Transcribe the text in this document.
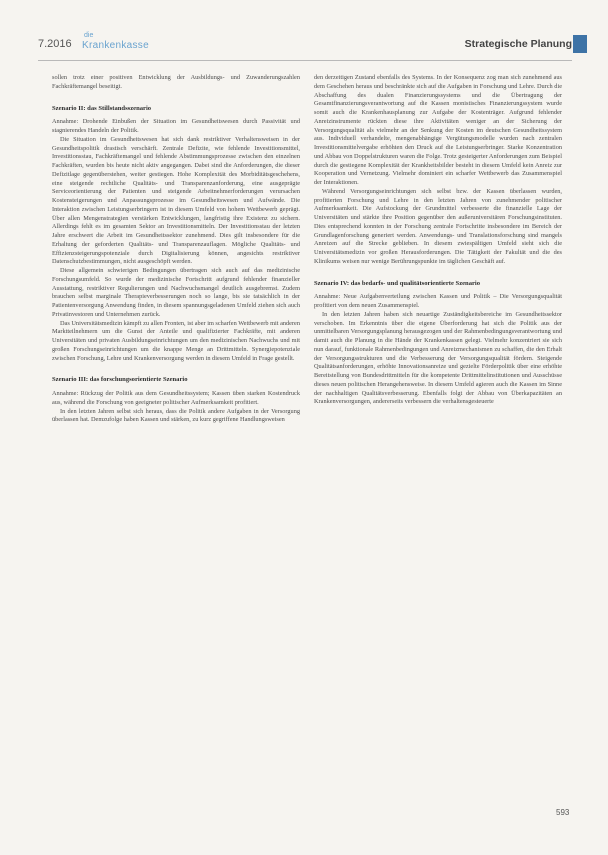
7.2016
die
Krankenkasse	Strategische Planung

sollen trotz einer positiven Entwicklung der Ausbildungs- und Zuwanderungszahlen Fachkräftemangel beseitigt.

Szenario II: das Stillstandsszenario

Annahme: Drohende Einbußen der Situation im Gesundheitswesen durch Passivität und stagnierendes Handeln der Politik.

Die Situation im Gesundheitswesen hat sich dank restriktiver Verhaltensweisen in der Gesundheitspolitik drastisch verschärft. Zentrale Defizite, wie fehlende Investitionsmittel, Investitionsstau, Fachkräftemangel und fehlende Abstimmungsprozesse zwischen den einzelnen Fachkräften, wurden bis heute nicht aktiv angegangen. Dabei sind die Anforderungen, die dieser Defizitlage gegenüberstehen, weiter gestiegen. Hohe Komplexität des Morbiditätsgeschehens, eine steigende rechtliche Qualitäts- und Transparenzanforderung, eine ausgeprägte Serviceorientierung der Patienten und steigende Arbeitnehmerforderungen verursachen Kostensteigerungen und Anpassungsprozesse im Gesundheitswesen und Aufwände. Die Interaktion zwischen Leistungserbringern ist in diesem Umfeld von hohem Wettbewerb geprägt. Über allen Mengenstrategien verstärken Entwicklungen, langfristig ihre Existenz zu sichern. Allerdings fehlt es im gesamten Sektor an Investitionsmitteln. Der Investitionsstau der letzten Jahre erschwert die Arbeit im Gesundheitssektor zunehmend. Dies gilt insbesondere für die Erhaltung der geforderten Qualitäts- und Transparenzauflagen. Mögliche Qualitäts- und Effizienzsteigerungspotenziale durch Digitalisierung können, angesichts restriktiver Datenschutzbestimmungen, nicht ausgeschöpft werden.

Diese allgemein schwierigen Bedingungen übertragen sich auch auf das medizinische Forschungsumfeld. So wurde der medizinische Fortschritt aufgrund fehlender finanzieller Ausstattung, restriktiver Regulierungen und Nachwuchsmangel deutlich ausgebremst. Zudem brauchen selbst marginale Therapieverbesserungen noch so lange, bis sie tatsächlich in der Patientenversorgung Anwendung finden, in diesem spannungsgeladenen Umfeld ziehen sich auch Privatinvestoren und Unternehmen zurück.

Das Universitätsmedizin kämpft zu allen Fronten, ist aber im scharfen Wettbewerb mit anderen Marktteilnehmern um die Gunst der Anteile und qualifizierter Fachkräfte, mit anderen Universitäten und privaten Ausbildungseinrichtungen um den medizinischen Nachwuchs und mit großen Forschungseinrichtungen um die knappe Menge an Drittmitteln. Synergiepotenziale zwischen Forschung, Lehre und Krankenversorgung werden in diesem Umfeld in Frage gestellt.

Szenario III: das forschungsorientierte Szenario

Annahme: Rückzug der Politik aus dem Gesundheitssystem; Kassen üben starken Kostendruck aus, während die Forschung von geeigneter politischer Aufmerksamkeit profitiert.

In den letzten Jahren selbst sich heraus, dass die Politik andere Aufgaben in der Versorgung überlassen hat. Demzufolge haben Kassen und stärken, zu kurz gegriffene Handlungsweisen

den derzeitigen Zustand ebenfalls des Systems. In der Konsequenz zog man sich zunehmend aus dem Geschehen heraus und beschränkte sich auf die Aufgaben in Forschung und Lehre. Durch die Abschaffung des dualen Finanzierungssystems und die Übertragung der Gesamtfinanzierungsverantwortung auf die Kassen monistisches Finanzierungssystem wurde somit auch die Krankenhausplanung zur Aufgabe der Kostenträger. Aufgrund fehlender Anreizinstrumente rückten diese ihre Aktivitäten weniger an der Sicherung der Versorgungsqualität als vielmehr an der Senkung der Kosten im deutschen Gesundheitssystem aus. Individuell verhandelte, mengenabhängige Vergütungsmodelle wurden nach zentralen Investitionsmittelvergabe erhöhten den Druck auf die Leistungserbringer. Starke Konzentration und Abbau von Doppelstrukturen waren die Folge. Trotz gesteigerter Anforderungen zum Beispiel durch die gestiegene Komplexität der Krankheitsbilder besteht in diesem Umfeld kein Anreiz zur Kooperation und Vernetzung. Vielmehr dominiert ein scharfer Wettbewerb das Zusammenspiel der Interaktionen.

Während Versorgungseinrichtungen sich selbst bzw. der Kassen überlassen wurden, profitierten Forschung und Lehre in den letzten Jahren von zunehmender politischer Aufmerksamkeit. Die Aufstockung der Grundmittel verbesserte die finanzielle Lage der Universitäten und stärkte ihre Position gegenüber den außeruniversitären Forschungsinstituten. Dies entsprechend konnten in der Forschung zentrale Fortschritte insbesondere im Bereich der Grundlagenforschung generiert werden. Anwendungs- und Translationsforschung sind mangels Anreizen auf die Strecke geblieben. In diesem zwiespältigen Umfeld sieht sich die Universitätsmedizin vor großen Herausforderungen. Die Tätigkeit der Fakultät und die des Klinikums weisen nur wenige Berührungspunkte im täglichen Geschäft auf.

Szenario IV: das bedarfs- und qualitätsorientierte Szenario

Annahme: Neue Aufgabenverteilung zwischen Kassen und Politik – Die Versorgungsqualität profitiert von dem neuen Zusammenspiel.

In den letzten Jahren haben sich neuartige Zuständigkeitsbereiche im Gesundheitssektor verschoben. Im Erkenntnis über die eigene Überforderung hat sich die Politik aus der unmittelbaren Versorgungsplanung herausgezogen und der Rahmenbedingungsverantwortung und damit auch die Planung in die Hände der Krankenkassen gelegt. Vielmehr konzentriert sie sich nun darauf, funktionale Rahmenbedingungen und Anreizmechanismen zu schaffen, die den Erhalt der Versorgungsstrukturen und die Verbesserung der Versorgungsqualität fördern. Steigende Qualitätsanforderungen, erhöhte Innovationsanreize und gezielte Förderpolitik über eine erhöhte Bereitstellung von Bundesdrittmitteln für die kompetente Drittmittelinstitutionen und Ausschüsse dieses neuen politischen Herangehensweise. In diesem Umfeld agieren auch die Kassen im Sinne der nachhaltigen Qualitätsverbesserung. Ebenfalls folgt der Abbau von Überkapazitäten an Krankenversorgungen, andererseits verbessern die verhaltensgesteuerte

593
